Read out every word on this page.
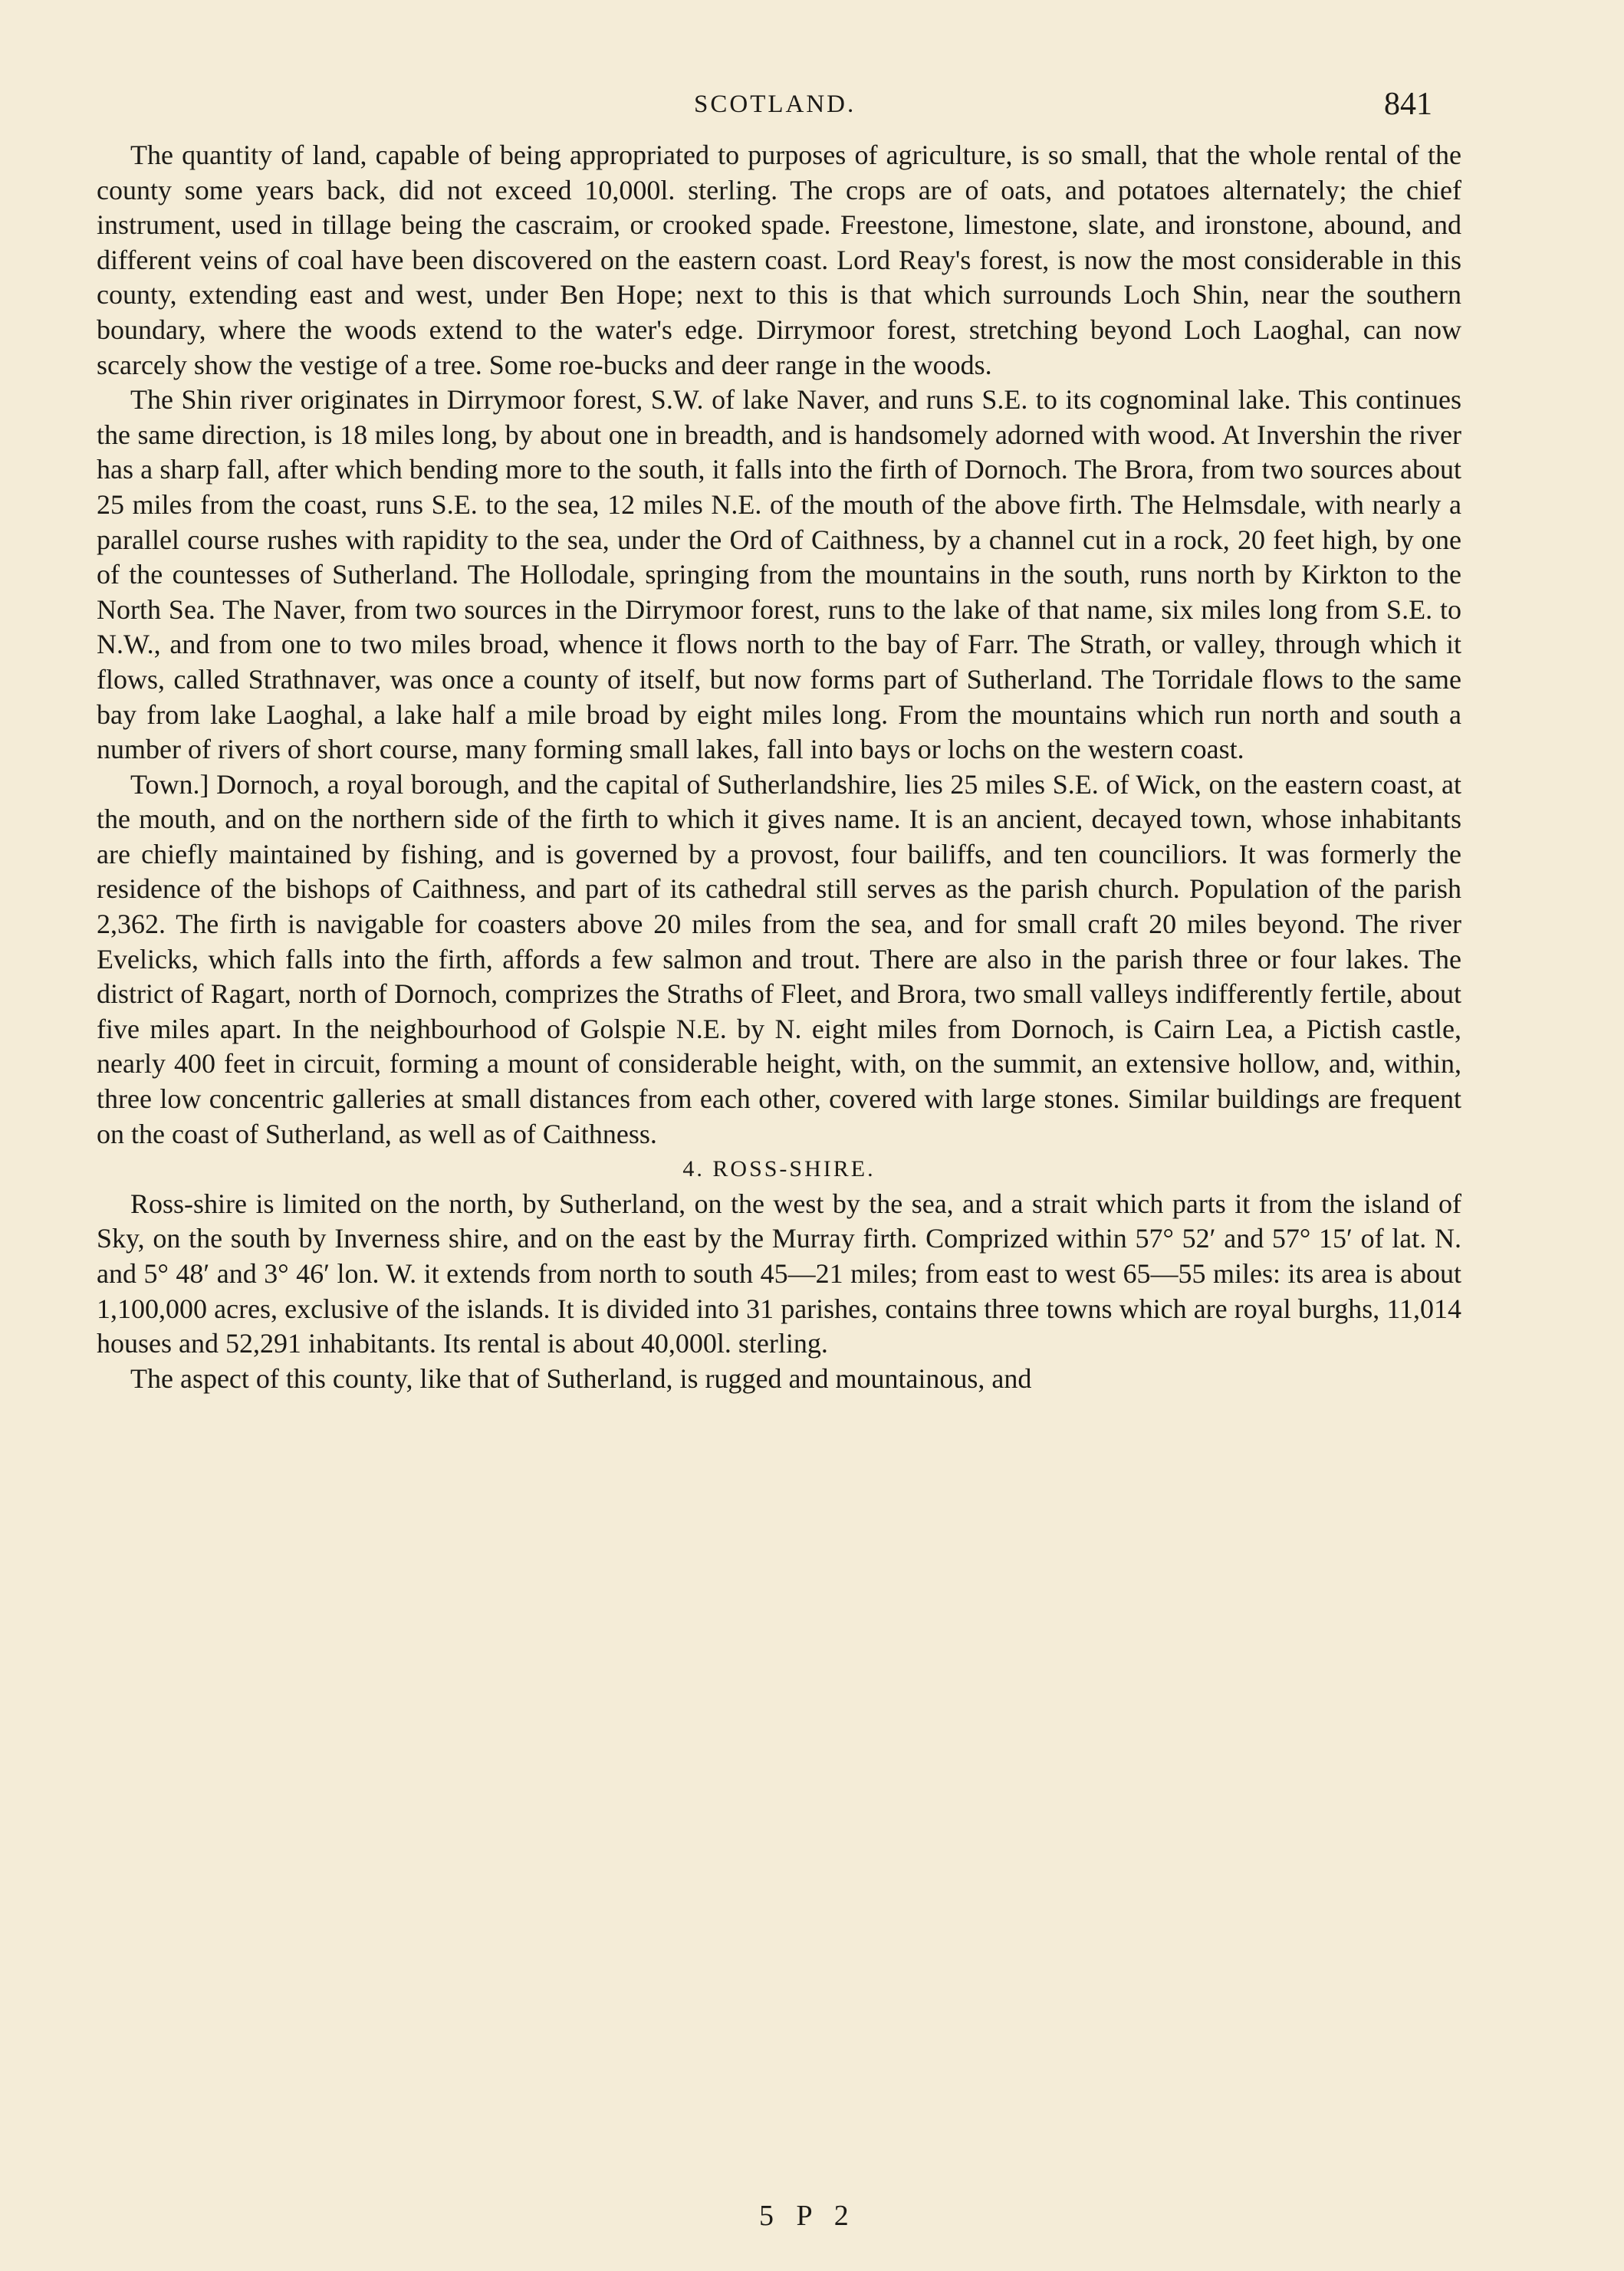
SCOTLAND.	841

The quantity of land, capable of being appropriated to purposes of agriculture, is so small, that the whole rental of the county some years back, did not exceed 10,000l. sterling. The crops are of oats, and potatoes alternately; the chief instrument, used in tillage being the cascraim, or crooked spade. Freestone, limestone, slate, and ironstone, abound, and different veins of coal have been discovered on the eastern coast. Lord Reay's forest, is now the most considerable in this county, extending east and west, under Ben Hope; next to this is that which surrounds Loch Shin, near the southern boundary, where the woods extend to the water's edge. Dirrymoor forest, stretching beyond Loch Laoghal, can now scarcely show the vestige of a tree. Some roe-bucks and deer range in the woods.

The Shin river originates in Dirrymoor forest, S.W. of lake Naver, and runs S.E. to its cognominal lake. This continues the same direction, is 18 miles long, by about one in breadth, and is handsomely adorned with wood. At Invershin the river has a sharp fall, after which bending more to the south, it falls into the firth of Dornoch. The Brora, from two sources about 25 miles from the coast, runs S.E. to the sea, 12 miles N.E. of the mouth of the above firth. The Helmsdale, with nearly a parallel course rushes with rapidity to the sea, under the Ord of Caithness, by a channel cut in a rock, 20 feet high, by one of the countesses of Sutherland. The Hollodale, springing from the mountains in the south, runs north by Kirkton to the North Sea. The Naver, from two sources in the Dirrymoor forest, runs to the lake of that name, six miles long from S.E. to N.W., and from one to two miles broad, whence it flows north to the bay of Farr. The Strath, or valley, through which it flows, called Strathnaver, was once a county of itself, but now forms part of Sutherland. The Torridale flows to the same bay from lake Laoghal, a lake half a mile broad by eight miles long. From the mountains which run north and south a number of rivers of short course, many forming small lakes, fall into bays or lochs on the western coast.

Town.] Dornoch, a royal borough, and the capital of Sutherlandshire, lies 25 miles S.E. of Wick, on the eastern coast, at the mouth, and on the northern side of the firth to which it gives name. It is an ancient, decayed town, whose inhabitants are chiefly maintained by fishing, and is governed by a provost, four bailiffs, and ten counciliors. It was formerly the residence of the bishops of Caithness, and part of its cathedral still serves as the parish church. Population of the parish 2,362. The firth is navigable for coasters above 20 miles from the sea, and for small craft 20 miles beyond. The river Evelicks, which falls into the firth, affords a few salmon and trout. There are also in the parish three or four lakes. The district of Ragart, north of Dornoch, comprizes the Straths of Fleet, and Brora, two small valleys indifferently fertile, about five miles apart. In the neighbourhood of Golspie N.E. by N. eight miles from Dornoch, is Cairn Lea, a Pictish castle, nearly 400 feet in circuit, forming a mount of considerable height, with, on the summit, an extensive hollow, and, within, three low concentric galleries at small distances from each other, covered with large stones. Similar buildings are frequent on the coast of Sutherland, as well as of Caithness.

4. ROSS-SHIRE.

Ross-shire is limited on the north, by Sutherland, on the west by the sea, and a strait which parts it from the island of Sky, on the south by Inverness shire, and on the east by the Murray firth. Comprized within 57° 52′ and 57° 15′ of lat. N. and 5° 48′ and 3° 46′ lon. W. it extends from north to south 45—21 miles; from east to west 65—55 miles: its area is about 1,100,000 acres, exclusive of the islands. It is divided into 31 parishes, contains three towns which are royal burghs, 11,014 houses and 52,291 inhabitants. Its rental is about 40,000l. sterling.

The aspect of this county, like that of Sutherland, is rugged and mountainous, and

5 P 2
